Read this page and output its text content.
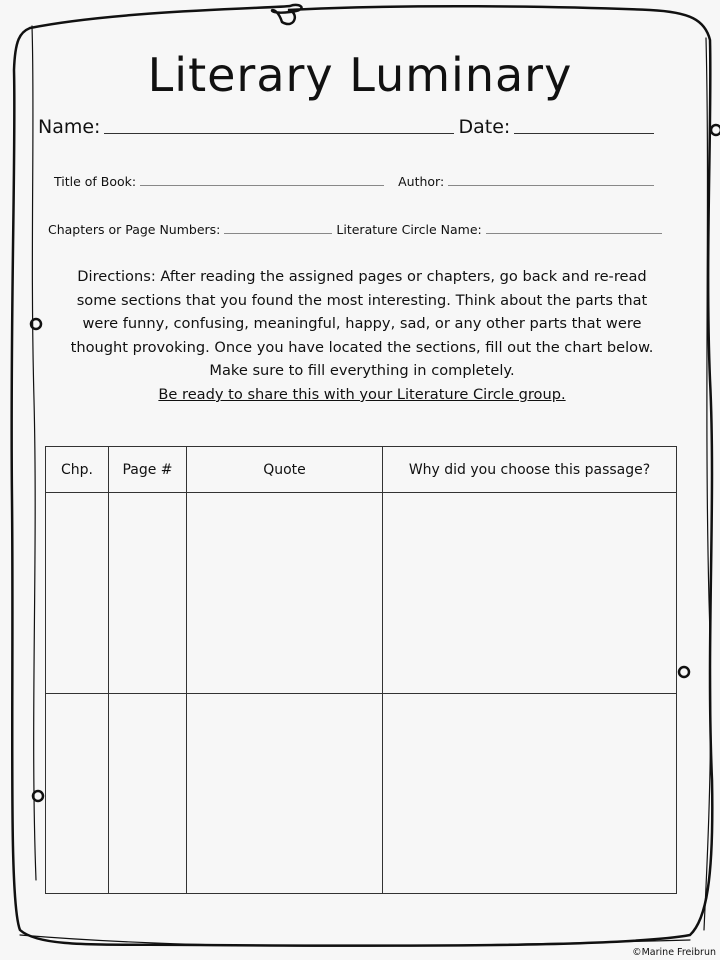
Literary Luminary
Name:	Date:
Title of Book:	Author:
Chapters or Page Numbers:	Literature Circle Name:
Directions: After reading the assigned pages or chapters, go back and re-read
some sections that you found the most interesting. Think about the parts that
were funny, confusing, meaningful, happy, sad, or any other parts that were
thought provoking. Once you have located the sections, fill out the chart below.
Make sure to fill everything in completely.
Be ready to share this with your Literature Circle group.
Chp.	Page #	Quote	Why did you choose this passage?

©Marine Freibrun
